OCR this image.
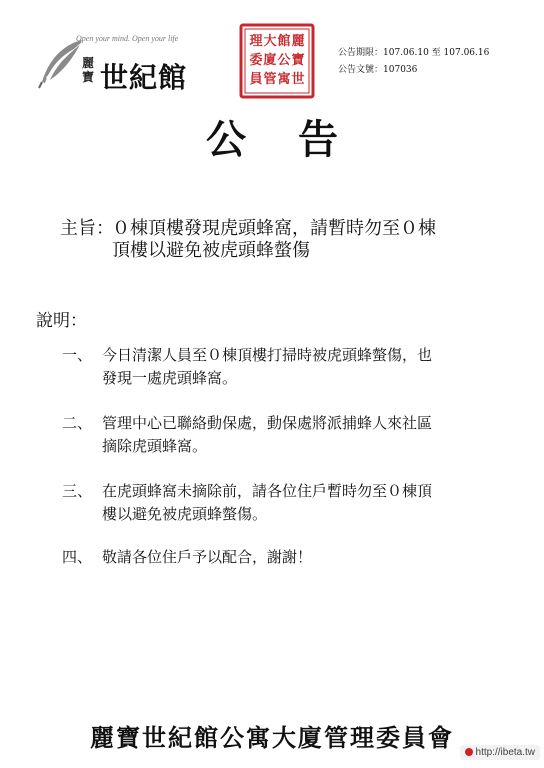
Open your mind. Open your life
麗寶 世紀館
麗
寶
世
館
公
寓
大
廈
管
理
委
員
公告期限：107.06.10 至 107.06.16
公告文號：107036
公告
主旨：
０棟頂樓發現虎頭蜂窩，請暫時勿至０棟
頂樓以避免被虎頭蜂螫傷
說明：
一、 今日清潔人員至０棟頂樓打掃時被虎頭蜂螫傷，也
發現一處虎頭蜂窩。
二、 管理中心已聯絡動保處，動保處將派捕蜂人來社區
摘除虎頭蜂窩。
三、 在虎頭蜂窩未摘除前，請各位住戶暫時勿至０棟頂
樓以避免被虎頭蜂螫傷。
四、 敬請各位住戶予以配合，謝謝！
麗寶世紀館公寓大廈管理委員會
http://ibeta.tw
